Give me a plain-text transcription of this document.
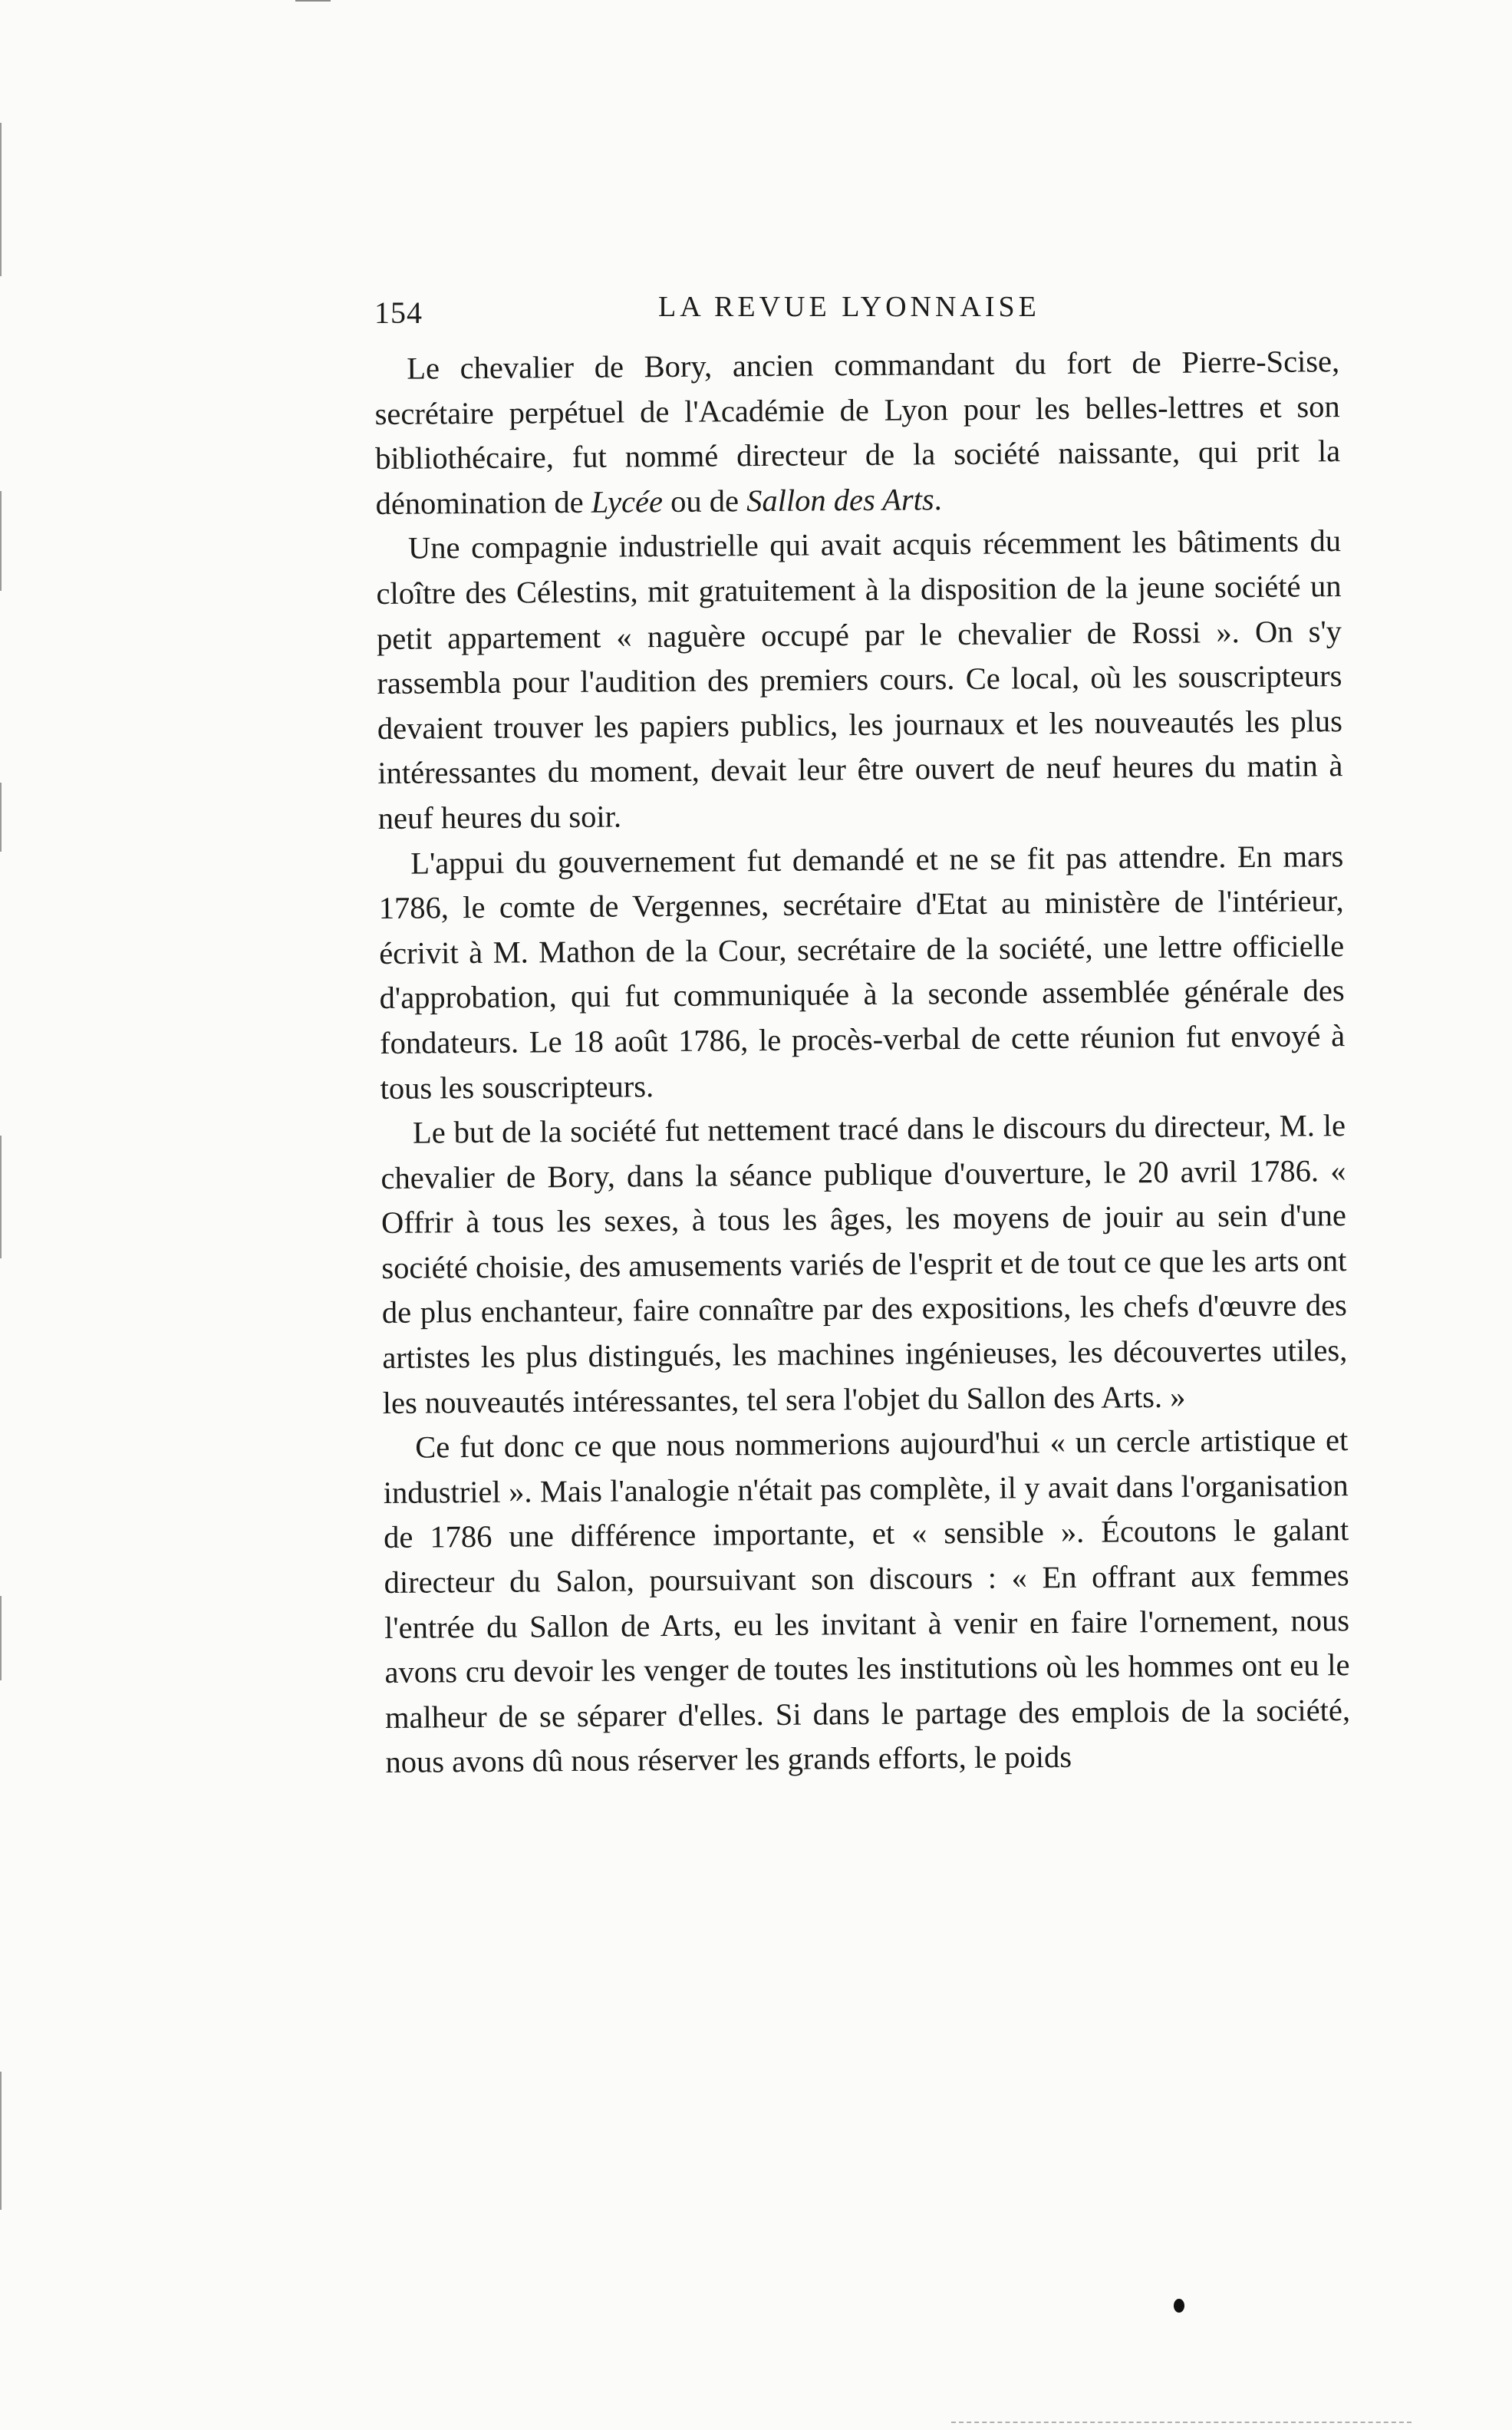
154	LA REVUE LYONNAISE

Le chevalier de Bory, ancien commandant du fort de Pierre-Scise, secrétaire perpétuel de l'Académie de Lyon pour les belles-lettres et son bibliothécaire, fut nommé directeur de la société naissante, qui prit la dénomination de Lycée ou de Sallon des Arts.

Une compagnie industrielle qui avait acquis récemment les bâtiments du cloître des Célestins, mit gratuitement à la disposition de la jeune société un petit appartement « naguère occupé par le chevalier de Rossi ». On s'y rassembla pour l'audition des premiers cours. Ce local, où les souscripteurs devaient trouver les papiers publics, les journaux et les nouveautés les plus intéressantes du moment, devait leur être ouvert de neuf heures du matin à neuf heures du soir.

L'appui du gouvernement fut demandé et ne se fit pas attendre. En mars 1786, le comte de Vergennes, secrétaire d'Etat au ministère de l'intérieur, écrivit à M. Mathon de la Cour, secrétaire de la société, une lettre officielle d'approbation, qui fut communiquée à la seconde assemblée générale des fondateurs. Le 18 août 1786, le procès-verbal de cette réunion fut envoyé à tous les souscripteurs.

Le but de la société fut nettement tracé dans le discours du directeur, M. le chevalier de Bory, dans la séance publique d'ouverture, le 20 avril 1786. « Offrir à tous les sexes, à tous les âges, les moyens de jouir au sein d'une société choisie, des amusements variés de l'esprit et de tout ce que les arts ont de plus enchanteur, faire connaître par des expositions, les chefs d'œuvre des artistes les plus distingués, les machines ingénieuses, les découvertes utiles, les nouveautés intéressantes, tel sera l'objet du Sallon des Arts. »

Ce fut donc ce que nous nommerions aujourd'hui « un cercle artistique et industriel ». Mais l'analogie n'était pas complète, il y avait dans l'organisation de 1786 une différence importante, et « sensible ». Écoutons le galant directeur du Salon, poursuivant son discours : « En offrant aux femmes l'entrée du Sallon de Arts, eu les invitant à venir en faire l'ornement, nous avons cru devoir les venger de toutes les institutions où les hommes ont eu le malheur de se séparer d'elles. Si dans le partage des emplois de la société, nous avons dû nous réserver les grands efforts, le poids
